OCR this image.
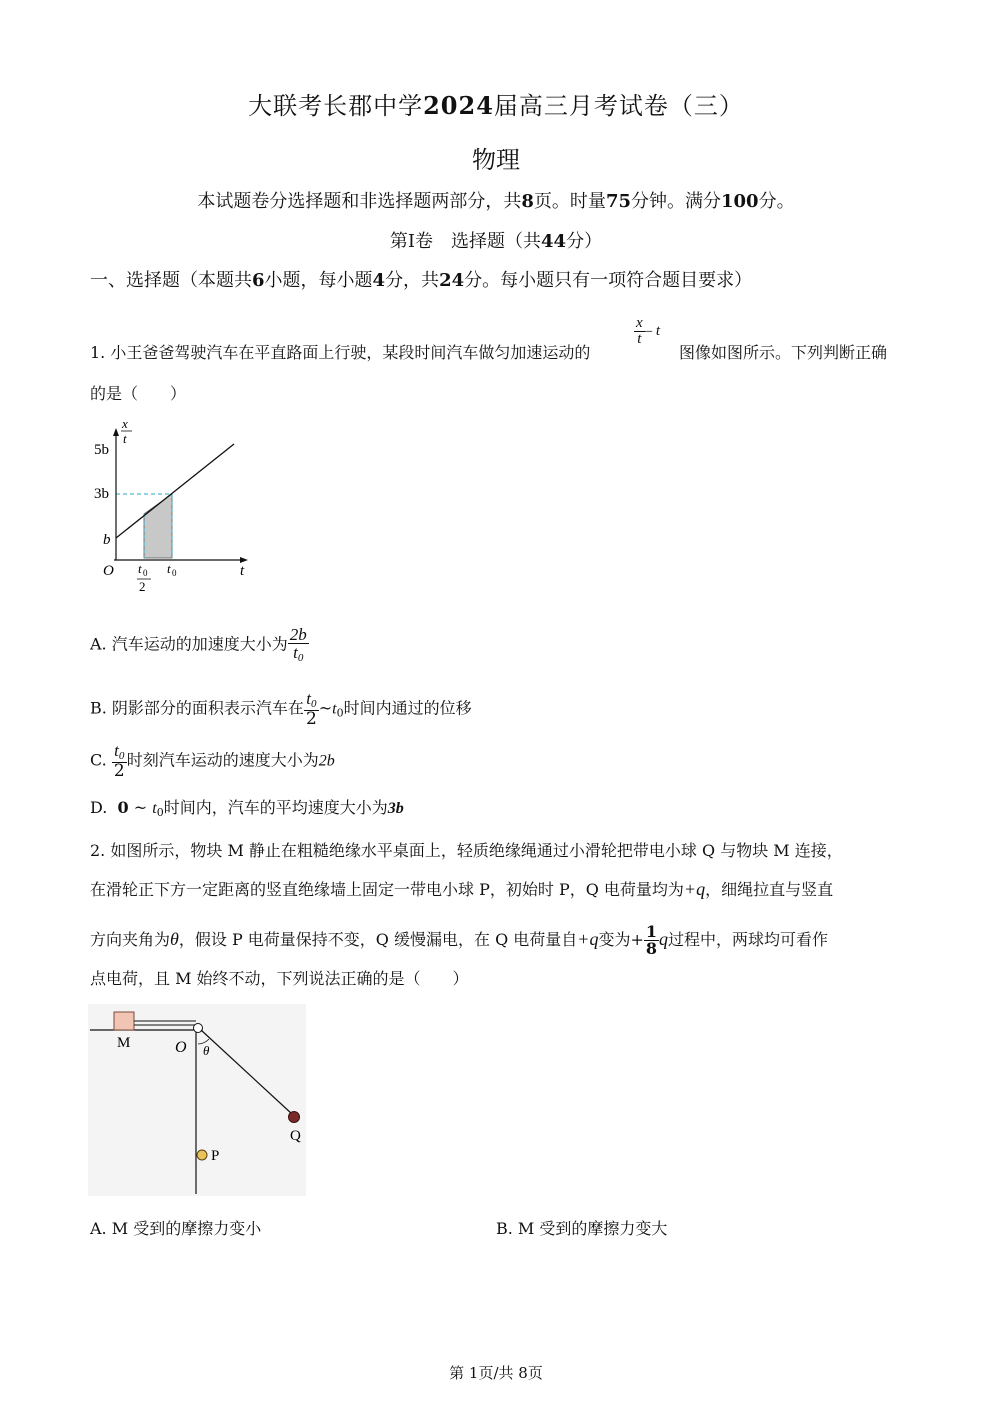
大联考长郡中学2024届高三月考试卷（三）
物理
本试题卷分选择题和非选择题两部分，共8页。时量75分钟。满分100分。
第Ⅰ卷　选择题（共44分）
一、选择题（本题共6小题，每小题4分，共24分。每小题只有一项符合题目要求）
1. 小王爸爸驾驶汽车在平直路面上行驶，某段时间汽车做匀加速运动的
$\frac{x}{t}$ – t
图像如图所示。下列判断正确
的是（　　）
x
t
5b
3b
b
O t 0
2
t 0	t
A. 汽车运动的加速度大小为 $\frac{2b}{t_0}$
B. 阴影部分的面积表示汽车在 $\frac{t_0}{2}$ $\sim t_0$时间内通过的位移
C. $\frac{t_0}{2}$ 时刻汽车运动的速度大小为2b
D. 0 ~ $t_0$时间内，汽车的平均速度大小为3b
2. 如图所示，物块 M 静止在粗糙绝缘水平桌面上，轻质绝缘绳通过小滑轮把带电小球 Q 与物块 M 连接，
在滑轮正下方一定距离的竖直绝缘墙上固定一带电小球 P，初始时 P，Q 电荷量均为+q，细绳拉直与竖直
方向夹角为θ，假设 P 电荷量保持不变，Q 缓慢漏电，在 Q 电荷量自+q变为+ $\frac{1}{8}$ q过程中，两球均可看作
点电荷，且 M 始终不动，下列说法正确的是（　　）
M	O θ
Q
P
A. M 受到的摩擦力变小	B. M 受到的摩擦力变大
第 1页/共 8页
